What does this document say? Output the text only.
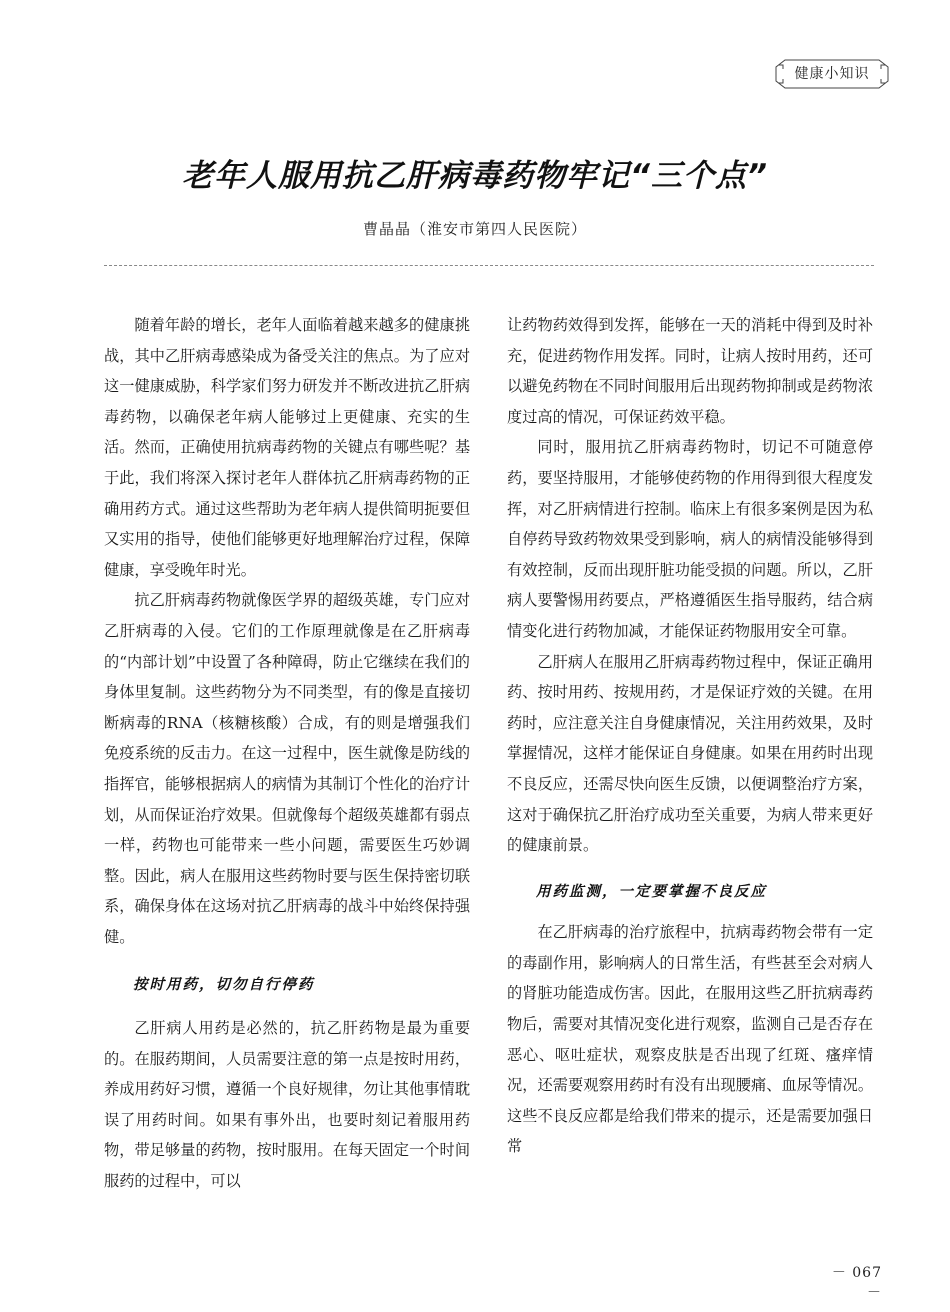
健康小知识
老年人服用抗乙肝病毒药物牢记“三个点”
曹晶晶（淮安市第四人民医院）

随着年龄的增长，老年人面临着越来越多的健康挑战，其中乙肝病毒感染成为备受关注的焦点。为了应对这一健康威胁，科学家们努力研发并不断改进抗乙肝病毒药物，以确保老年病人能够过上更健康、充实的生活。然而，正确使用抗病毒药物的关键点有哪些呢？基于此，我们将深入探讨老年人群体抗乙肝病毒药物的正确用药方式。通过这些帮助为老年病人提供简明扼要但又实用的指导，使他们能够更好地理解治疗过程，保障健康，享受晚年时光。

抗乙肝病毒药物就像医学界的超级英雄，专门应对乙肝病毒的入侵。它们的工作原理就像是在乙肝病毒的“内部计划”中设置了各种障碍，防止它继续在我们的身体里复制。这些药物分为不同类型，有的像是直接切断病毒的RNA（核糖核酸）合成，有的则是增强我们免疫系统的反击力。在这一过程中，医生就像是防线的指挥官，能够根据病人的病情为其制订个性化的治疗计划，从而保证治疗效果。但就像每个超级英雄都有弱点一样，药物也可能带来一些小问题，需要医生巧妙调整。因此，病人在服用这些药物时要与医生保持密切联系，确保身体在这场对抗乙肝病毒的战斗中始终保持强健。

按时用药，切勿自行停药

乙肝病人用药是必然的，抗乙肝药物是最为重要的。在服药期间，人员需要注意的第一点是按时用药，养成用药好习惯，遵循一个良好规律，勿让其他事情耽误了用药时间。如果有事外出，也要时刻记着服用药物，带足够量的药物，按时服用。在每天固定一个时间服药的过程中，可以

让药物药效得到发挥，能够在一天的消耗中得到及时补充，促进药物作用发挥。同时，让病人按时用药，还可以避免药物在不同时间服用后出现药物抑制或是药物浓度过高的情况，可保证药效平稳。

同时，服用抗乙肝病毒药物时，切记不可随意停药，要坚持服用，才能够使药物的作用得到很大程度发挥，对乙肝病情进行控制。临床上有很多案例是因为私自停药导致药物效果受到影响，病人的病情没能够得到有效控制，反而出现肝脏功能受损的问题。所以，乙肝病人要警惕用药要点，严格遵循医生指导服药，结合病情变化进行药物加减，才能保证药物服用安全可靠。

乙肝病人在服用乙肝病毒药物过程中，保证正确用药、按时用药、按规用药，才是保证疗效的关键。在用药时，应注意关注自身健康情况，关注用药效果，及时掌握情况，这样才能保证自身健康。如果在用药时出现不良反应，还需尽快向医生反馈，以便调整治疗方案，这对于确保抗乙肝治疗成功至关重要，为病人带来更好的健康前景。

用药监测，一定要掌握不良反应

在乙肝病毒的治疗旅程中，抗病毒药物会带有一定的毒副作用，影响病人的日常生活，有些甚至会对病人的肾脏功能造成伤害。因此，在服用这些乙肝抗病毒药物后，需要对其情况变化进行观察，监测自己是否存在恶心、呕吐症状，观察皮肤是否出现了红斑、瘙痒情况，还需要观察用药时有没有出现腰痛、血尿等情况。这些不良反应都是给我们带来的提示，还是需要加强日常

－ 067 －
